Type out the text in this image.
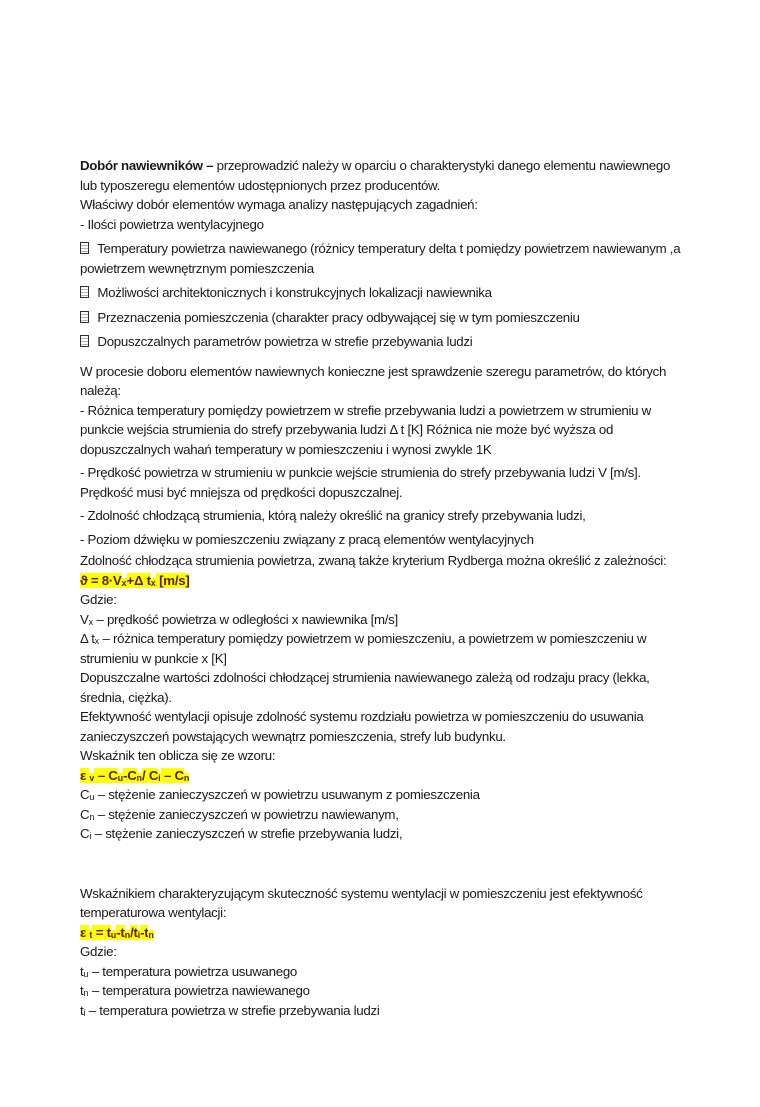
Dobór nawiewników – przeprowadzić należy w oparciu o charakterystyki danego elementu nawiewnego
lub typoszeregu elementów udostępnionych przez producentów.
Właściwy dobór elementów wymaga analizy następujących zagadnień:
- Ilości powietrza wentylacyjnego
Temperatury powietrza nawiewanego (różnicy temperatury delta t pomiędzy powietrzem nawiewanym ,a
powietrzem wewnętrznym pomieszczenia
Możliwości architektonicznych i konstrukcyjnych lokalizacji nawiewnika
Przeznaczenia pomieszczenia (charakter pracy odbywającej się w tym pomieszczeniu
Dopuszczalnych parametrów powietrza w strefie przebywania ludzi
W procesie doboru elementów nawiewnych konieczne jest sprawdzenie szeregu parametrów, do których
należą:
- Różnica temperatury pomiędzy powietrzem w strefie przebywania ludzi a powietrzem w strumieniu w
punkcie wejścia strumienia do strefy przebywania ludzi Δ t [K] Różnica nie może być wyższa od
dopuszczalnych wahań temperatury w pomieszczeniu i wynosi zwykle 1K
- Prędkość powietrza w strumieniu w punkcie wejście strumienia do strefy przebywania ludzi V [m/s].
Prędkość musi być mniejsza od prędkości dopuszczalnej.
- Zdolność chłodzącą strumienia, którą należy określić na granicy strefy przebywania ludzi,
- Poziom dźwięku w pomieszczeniu związany z pracą elementów wentylacyjnych
Zdolność chłodząca strumienia powietrza, zwaną także kryterium Rydberga można określić z zależności:
ϑ = 8·Vx+Δ tx [m/s]
Gdzie:
Vx – prędkość powietrza w odległości x nawiewnika [m/s]
Δ tx – różnica temperatury pomiędzy powietrzem w pomieszczeniu, a powietrzem w pomieszczeniu w
strumieniu w punkcie x [K]
Dopuszczalne wartości zdolności chłodzącej strumienia nawiewanego zależą od rodzaju pracy (lekka,
średnia, ciężka).
Efektywność wentylacji opisuje zdolność systemu rozdziału powietrza w pomieszczeniu do usuwania
zanieczyszczeń powstających wewnątrz pomieszczenia, strefy lub budynku.
Wskaźnik ten oblicza się ze wzoru:
ε v – Cu-Cn/ Ci – Cn
Cu – stężenie zanieczyszczeń w powietrzu usuwanym z pomieszczenia
Cn – stężenie zanieczyszczeń w powietrzu nawiewanym,
Ci – stężenie zanieczyszczeń w strefie przebywania ludzi,
Wskaźnikiem charakteryzującym skuteczność systemu wentylacji w pomieszczeniu jest efektywność
temperaturowa wentylacji:
ε t = tu-tn/ti-tn
Gdzie:
tu – temperatura powietrza usuwanego
tn – temperatura powietrza nawiewanego
ti – temperatura powietrza w strefie przebywania ludzi
